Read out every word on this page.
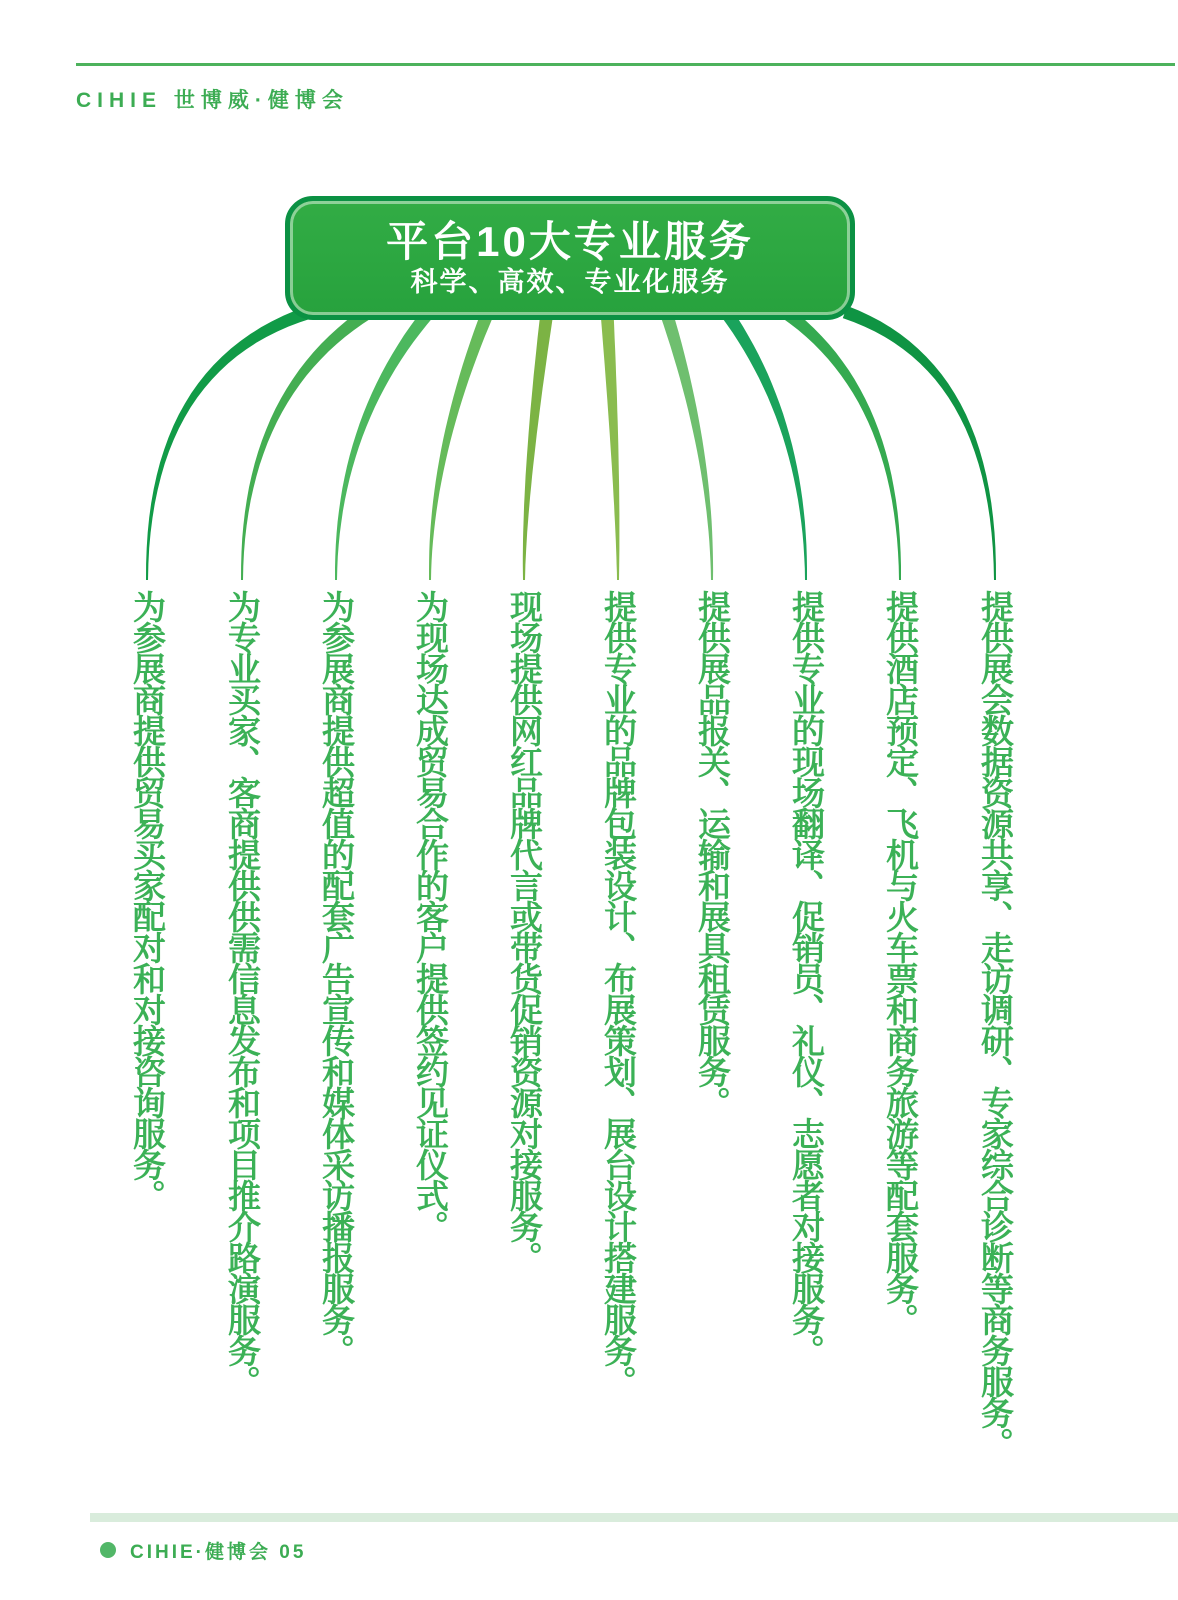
CIHIE 世博威·健博会
平台10大专业服务
科学、高效、专业化服务
为参展商提供贸易买家配对和对接咨询服务。 为专业买家、客商提供供需信息发布和项目推介路演服务。 为参展商提供超值的配套广告宣传和媒体采访播报服务。 为现场达成贸易合作的客户提供签约见证仪式。 现场提供网红品牌代言或带货促销资源对接服务。 提供专业的品牌包装设计、布展策划、展台设计搭建服务。 提供展品报关、运输和展具租赁服务。 提供专业的现场翻译、促销员、礼仪、志愿者对接服务。 提供酒店预定、飞机与火车票和商务旅游等配套服务。 提供展会数据资源共享、走访调研、专家综合诊断等商务服务。
CIHIE·健博会 05
